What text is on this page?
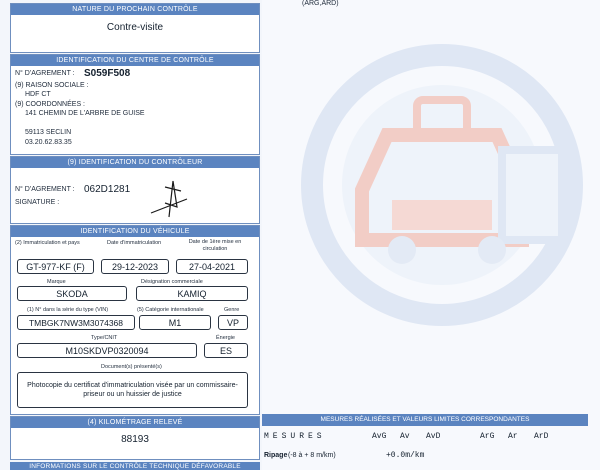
NATURE DU PROCHAIN CONTRÔLE
Contre-visite
IDENTIFICATION DU CENTRE DE CONTRÔLE
N° D'AGREMENT : S059F508
(9) RAISON SOCIALE :
HDF CT
(9) COORDONNÉES :
141 CHEMIN DE L'ARBRE DE GUISE
59113 SECLIN
03.20.62.83.35
(9) IDENTIFICATION DU CONTRÔLEUR
N° D'AGREMENT : 062D1281
SIGNATURE :
IDENTIFICATION DU VÉHICULE
(2) Immatriculation et pays	Date d'immatriculation	Date de 1ère mise en circulation
GT-977-KF (F)	29-12-2023	27-04-2021
Marque	Désignation commerciale
SKODA	KAMIQ
(1) N° dans la série du type (VIN)	(5) Catégorie internationale	Genre
TMBGK7NW3M3074368	M1	VP
Type/CNIT	Énergie
M10SKDVP0320094	ES
Document(s) présenté(s)
Photocopie du certificat d'immatriculation visée par un commissaire-priseur ou un huissier de justice
(4) KILOMÉTRAGE RELEVÉ
88193
INFORMATIONS SUR LE CONTRÔLE TECHNIQUE DÉFAVORABLE
(ARG,ARD)
MESURES RÉALISÉES ET VALEURS LIMITES CORRESPONDANTES
MESURES	AvG Av AvD	ArG Ar ArD
Ripage (-8 à + 8 m/km)	+0.0m/km
